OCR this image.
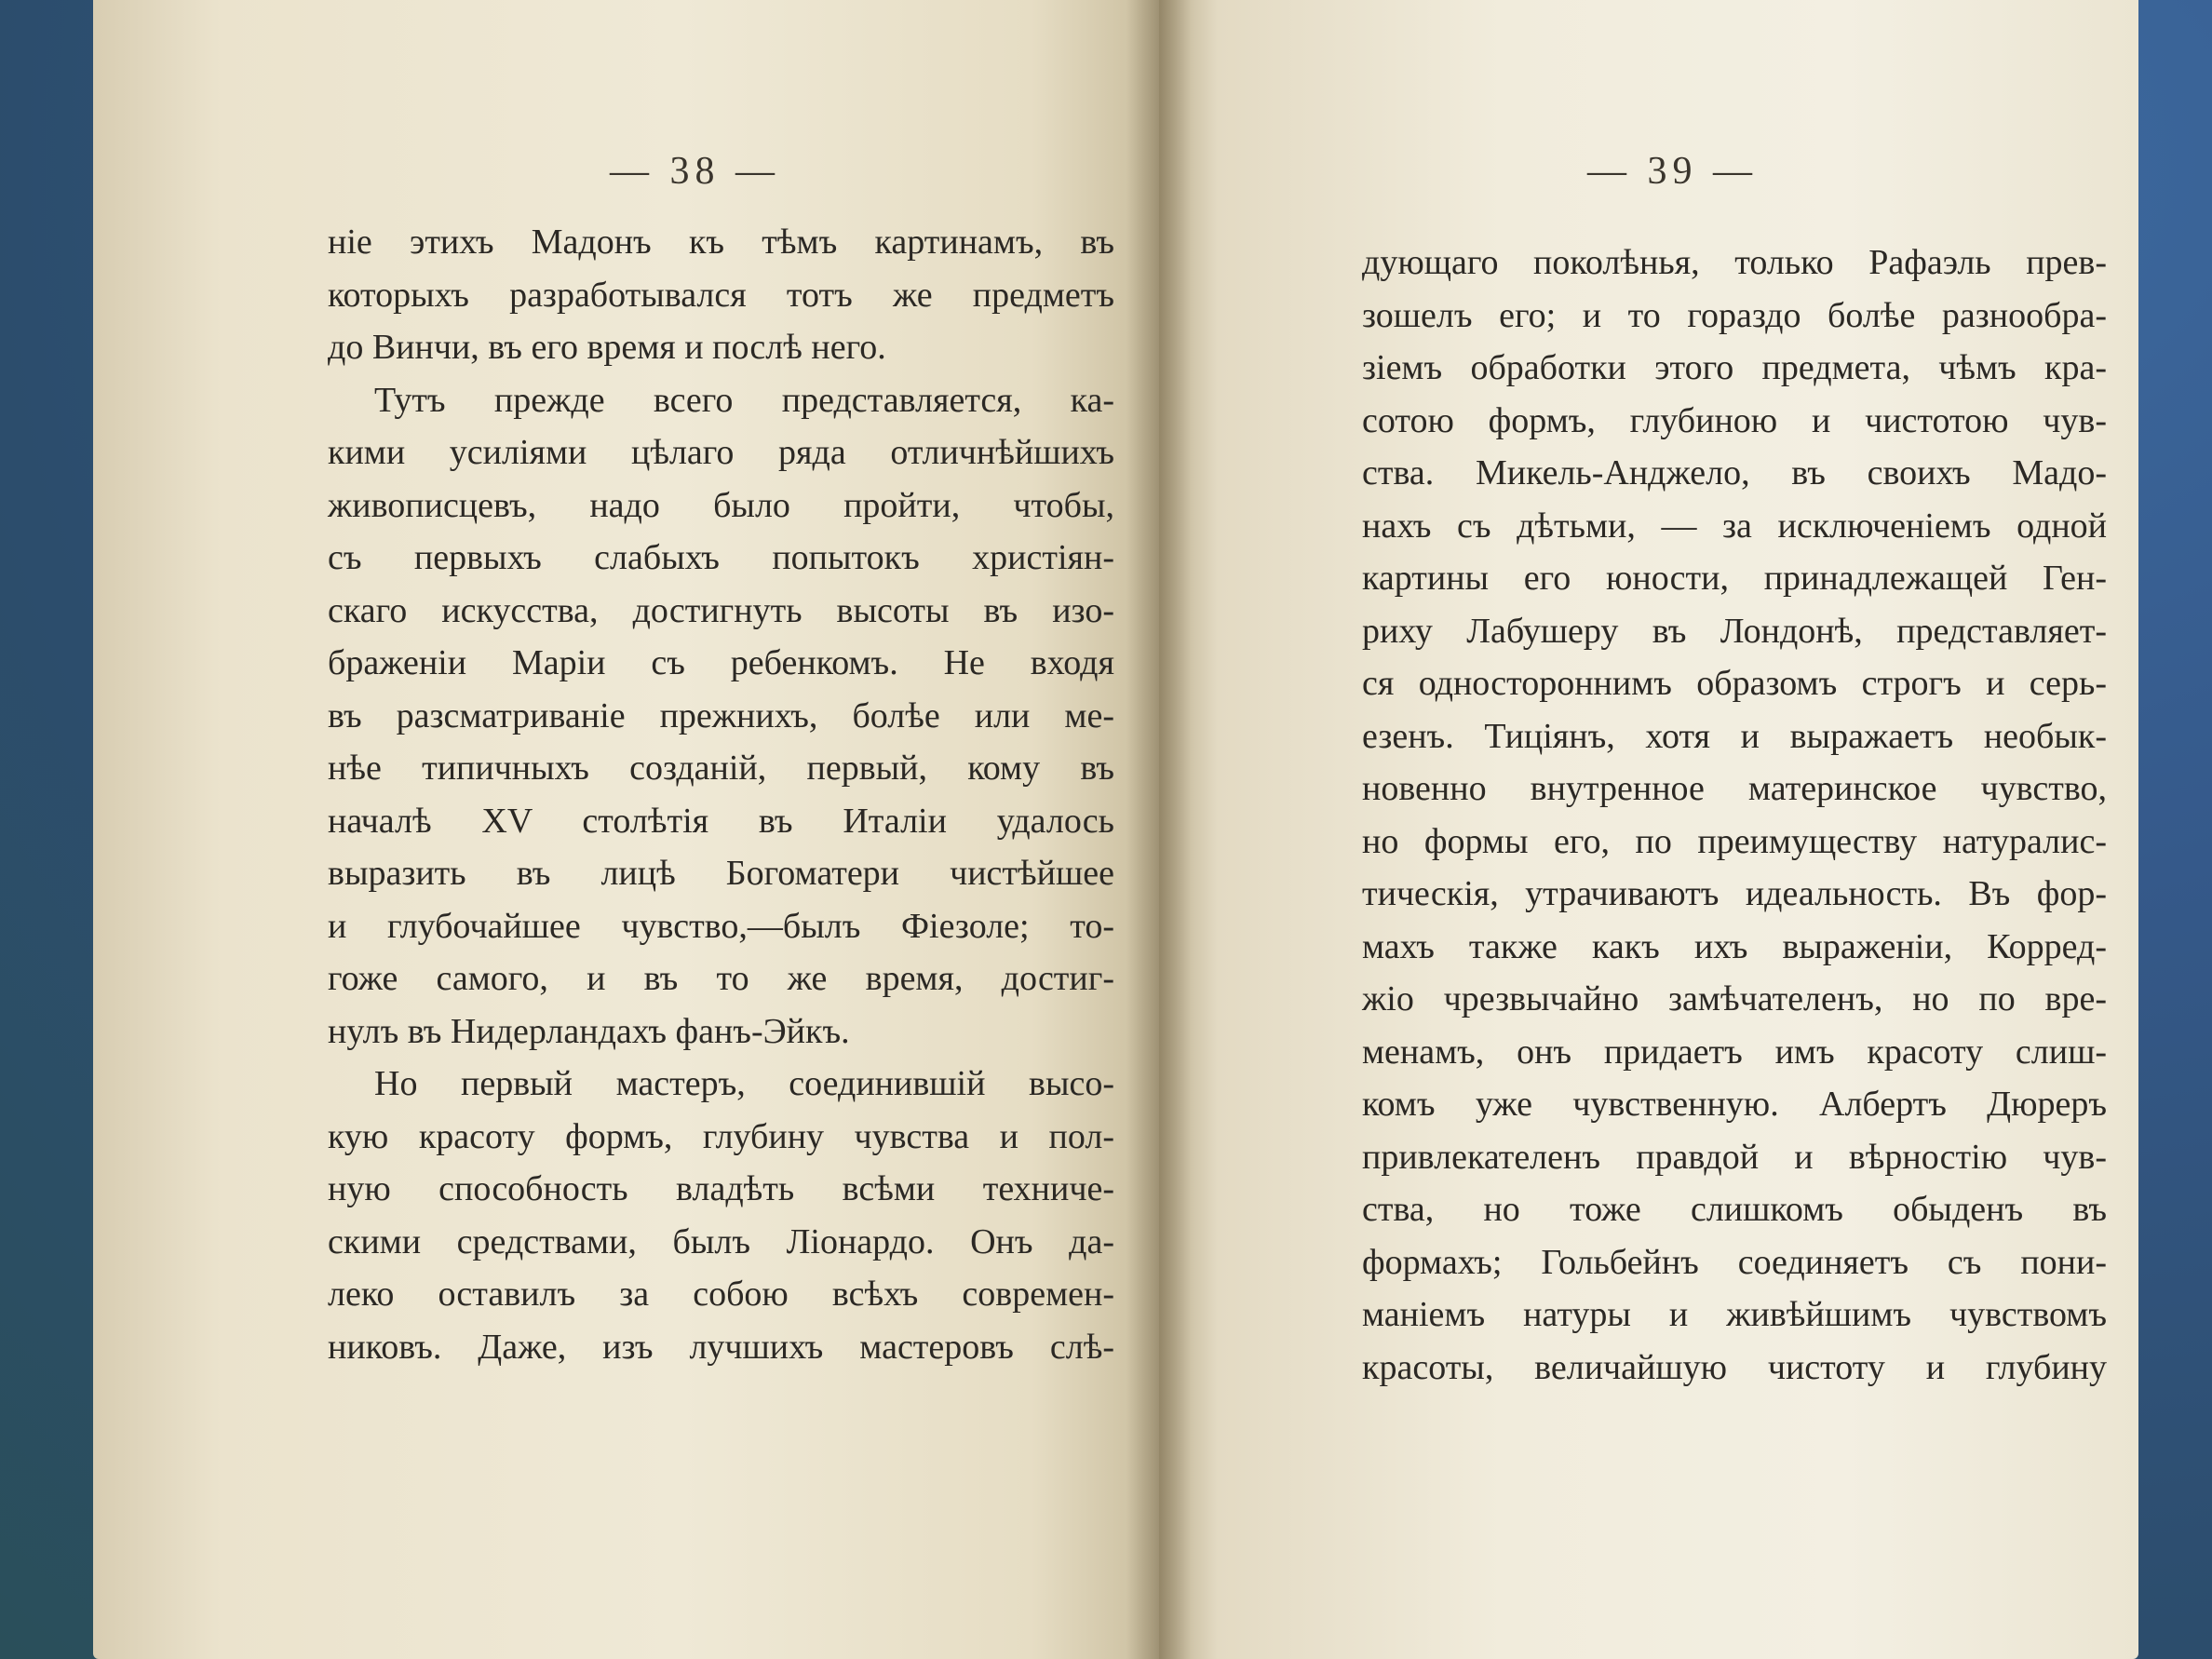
— 38 —
ніе этихъ Мадонъ къ тѣмъ картинамъ, въ
которыхъ разработывался тотъ же предметъ
до Винчи, въ его время и послѣ него.
Тутъ прежде всего представляется, ка-
кими усиліями цѣлаго ряда отличнѣйшихъ
живописцевъ, надо было пройти, чтобы,
съ первыхъ слабыхъ попытокъ христіян-
скаго искусства, достигнуть высоты въ изо-
браженіи Маріи съ ребенкомъ. Не входя
въ разсматриваніе прежнихъ, болѣе или ме-
нѣе типичныхъ созданій, первый, кому въ
началѣ XV столѣтія въ Италіи удалось
выразить въ лицѣ Богоматери чистѣйшее
и глубочайшее чувство,—былъ Фіезоле; то-
гоже самого, и въ то же время, достиг-
нулъ въ Нидерландахъ фанъ-Эйкъ.
Но первый мастеръ, соединившій высо-
кую красоту формъ, глубину чувства и пол-
ную способность владѣть всѣми техниче-
скими средствами, былъ Ліонардо. Онъ да-
леко оставилъ за собою всѣхъ современ-
никовъ. Даже, изъ лучшихъ мастеровъ слѣ-
— 39 —
дующаго поколѣнья, только Рафаэль прев-
зошелъ его; и то гораздо болѣе разнообра-
зіемъ обработки этого предмета, чѣмъ кра-
сотою формъ, глубиною и чистотою чув-
ства. Микель-Анджело, въ своихъ Мадо-
нахъ съ дѣтьми, — за исключеніемъ одной
картины его юности, принадлежащей Ген-
риху Лабушеру въ Лондонѣ, представляет-
ся одностороннимъ образомъ строгъ и серь-
езенъ. Тиціянъ, хотя и выражаетъ необык-
новенно внутренное материнское чувство,
но формы его, по преимуществу натуралис-
тическія, утрачиваютъ идеальность. Въ фор-
махъ также какъ ихъ выраженіи, Корред-
жіо чрезвычайно замѣчателенъ, но по вре-
менамъ, онъ придаетъ имъ красоту слиш-
комъ уже чувственную. Албертъ Дюреръ
привлекателенъ правдой и вѣрностію чув-
ства, но тоже слишкомъ обыденъ въ
формахъ; Гольбейнъ соединяетъ съ пони-
маніемъ натуры и живѣйшимъ чувствомъ
красоты, величайшую чистоту и глубину
